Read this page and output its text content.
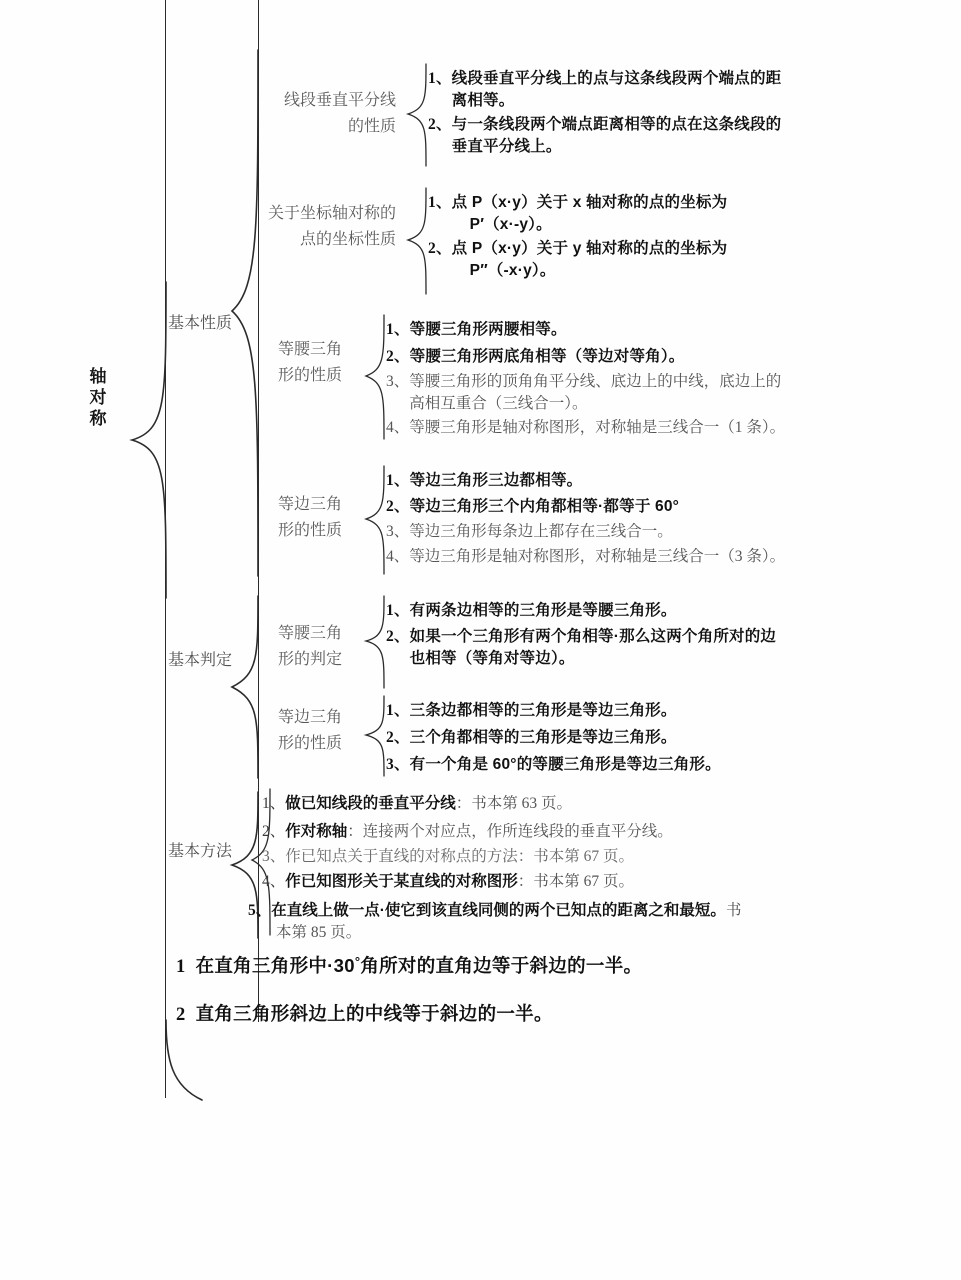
轴
对
称
基本性质
基本判定
基本方法
线段垂直平分线
的性质
1、 线段垂直平分线上的点与这条线段两个端点的距
离相等。
2、 与一条线段两个端点距离相等的点在这条线段的
垂直平分线上。
关于坐标轴对称的
点的坐标性质
1、 点 P（x·y）关于 x 轴对称的点的坐标为
P′（x·-y）。
2、 点 P（x·y）关于 y 轴对称的点的坐标为
P″（-x·y）。
等腰三角
形的性质
1、 等腰三角形两腰相等。
2、 等腰三角形两底角相等（等边对等角）。
3、 等腰三角形的顶角角平分线、底边上的中线，底边上的
高相互重合（三线合一）。
4、 等腰三角形是轴对称图形，对称轴是三线合一（1 条）。
等边三角
形的性质
1、 等边三角形三边都相等。
2、 等边三角形三个内角都相等·都等于 60°
3、 等边三角形每条边上都存在三线合一。
4、 等边三角形是轴对称图形，对称轴是三线合一（3 条）。
等腰三角
形的判定
1、 有两条边相等的三角形是等腰三角形。
2、 如果一个三角形有两个角相等·那么这两个角所对的边
也相等（等角对等边）。
等边三角
形的性质
1、 三条边都相等的三角形是等边三角形。
2、 三个角都相等的三角形是等边三角形。
3、 有一个角是 60°的等腰三角形是等边三角形。
1、 做已知线段的垂直平分线：书本第 63 页。
2、 作对称轴：连接两个对应点，作所连线段的垂直平分线。
3、 作已知点关于直线的对称点的方法：书本第 67 页。
4、 作已知图形关于某直线的对称图形：书本第 67 页。
5、 在直线上做一点·使它到该直线同侧的两个已知点的距离之和最短。书
本第 85 页。
1 在直角三角形中·30°角所对的直角边等于斜边的一半。
2 直角三角形斜边上的中线等于斜边的一半。
